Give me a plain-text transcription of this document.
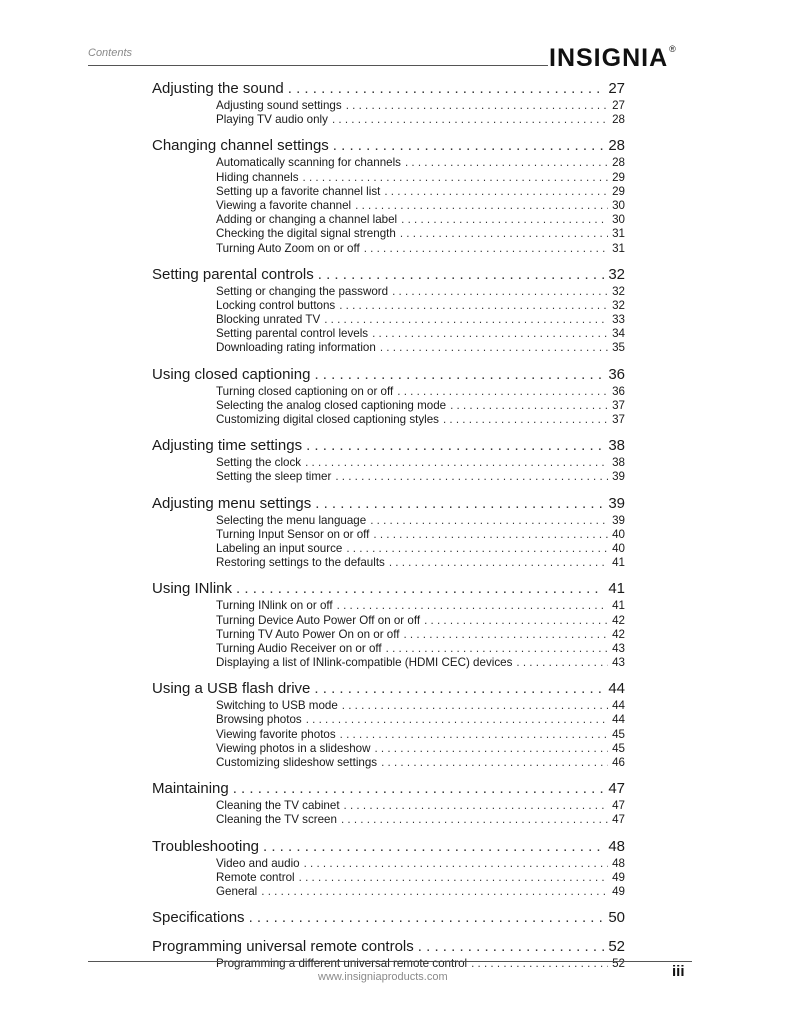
Contents	INSIGNIA®
Adjusting the sound . . .	27
Adjusting sound settings . . .	27
Playing TV audio only . . .	28
Changing channel settings . . .	28
Automatically scanning for channels . . .	28
Hiding channels . . .	29
Setting up a favorite channel list . . .	29
Viewing a favorite channel . . .	30
Adding or changing a channel label . . .	30
Checking the digital signal strength . . .	31
Turning Auto Zoom on or off . . .	31
Setting parental controls . . .	32
Setting or changing the password . . .	32
Locking control buttons . . .	32
Blocking unrated TV . . .	33
Setting parental control levels . . .	34
Downloading rating information . . .	35
Using closed captioning . . .	36
Turning closed captioning on or off . . .	36
Selecting the analog closed captioning mode . . .	37
Customizing digital closed captioning styles . . .	37
Adjusting time settings . . .	38
Setting the clock . . .	38
Setting the sleep timer . . .	39
Adjusting menu settings . . .	39
Selecting the menu language . . .	39
Turning Input Sensor on or off . . .	40
Labeling an input source . . .	40
Restoring settings to the defaults . . .	41
Using INlink . . .	41
Turning INlink on or off . . .	41
Turning Device Auto Power Off on or off . . .	42
Turning TV Auto Power On on or off . . .	42
Turning Audio Receiver on or off . . .	43
Displaying a list of INlink-compatible (HDMI CEC) devices . . .	43
Using a USB flash drive . . .	44
Switching to USB mode . . .	44
Browsing photos . . .	44
Viewing favorite photos . . .	45
Viewing photos in a slideshow . . .	45
Customizing slideshow settings . . .	46
Maintaining . . .	47
Cleaning the TV cabinet . . .	47
Cleaning the TV screen . . .	47
Troubleshooting . . .	48
Video and audio . . .	48
Remote control . . .	49
General . . .	49
Specifications . . .	50
Programming universal remote controls . . .	52
Programming a different universal remote control . . .	52
www.insigniaproducts.com	iii
